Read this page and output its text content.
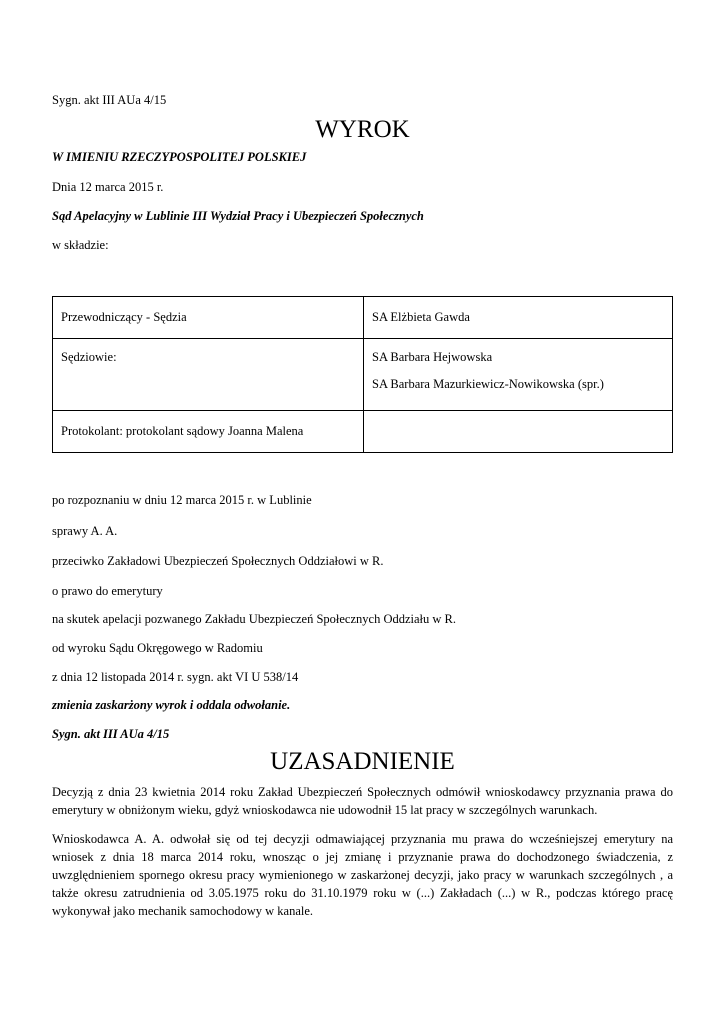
Sygn. akt III AUa 4/15
WYROK
W IMIENIU RZECZYPOSPOLITEJ POLSKIEJ
Dnia 12 marca 2015 r.
Sąd Apelacyjny w Lublinie III Wydział Pracy i Ubezpieczeń Społecznych
w składzie:
Przewodniczący - Sędzia	SA Elżbieta Gawda

Sędziowie:	SA Barbara Hejwowska
SA Barbara Mazurkiewicz-Nowikowska (spr.)

Protokolant: protokolant sądowy Joanna Malena	

po rozpoznaniu w dniu 12 marca 2015 r. w Lublinie
sprawy A. A.
przeciwko Zakładowi Ubezpieczeń Społecznych Oddziałowi w R.
o prawo do emerytury
na skutek apelacji pozwanego Zakładu Ubezpieczeń Społecznych Oddziału w R.
od wyroku Sądu Okręgowego w Radomiu
z dnia 12 listopada 2014 r. sygn. akt VI U 538/14
zmienia zaskarżony wyrok i oddala odwołanie.
Sygn. akt III AUa 4/15
UZASADNIENIE
Decyzją z dnia 23 kwietnia 2014 roku Zakład Ubezpieczeń Społecznych odmówił wnioskodawcy przyznania prawa do emerytury w obniżonym wieku, gdyż wnioskodawca nie udowodnił 15 lat pracy w szczególnych warunkach.
Wnioskodawca A. A. odwołał się od tej decyzji odmawiającej przyznania mu prawa do wcześniejszej emerytury na wniosek z dnia 18 marca 2014 roku, wnosząc o jej zmianę i przyznanie prawa do dochodzonego świadczenia, z uwzględnieniem spornego okresu pracy wymienionego w zaskarżonej decyzji, jako pracy w warunkach szczególnych , a także okresu zatrudnienia od 3.05.1975 roku do 31.10.1979 roku w (...) Zakładach (...) w R., podczas którego pracę wykonywał jako mechanik samochodowy w kanale.
